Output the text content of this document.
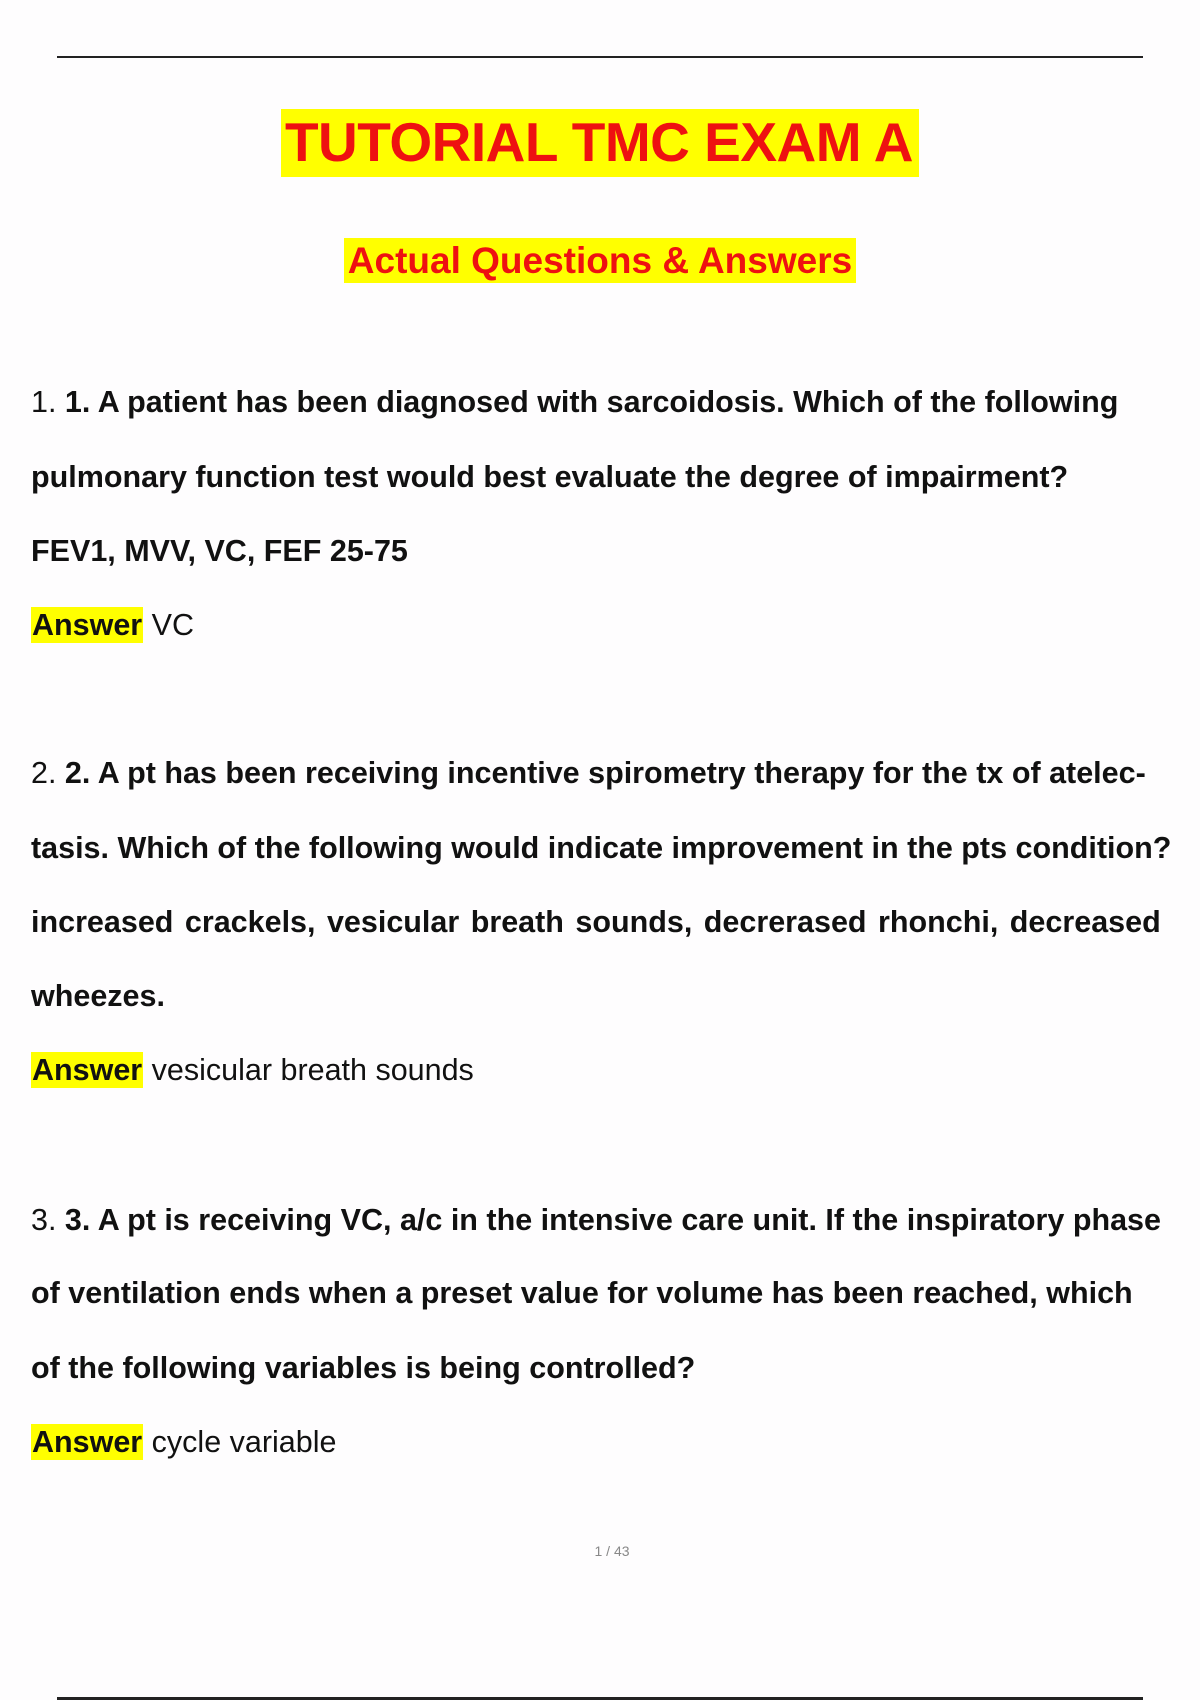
TUTORIAL TMC EXAM A
Actual Questions & Answers
1. 1. A patient has been diagnosed with sarcoidosis. Which of the following
pulmonary function test would best evaluate the degree of impairment?
FEV1, MVV, VC, FEF 25-75
Answer VC
2. 2. A pt has been receiving incentive spirometry therapy for the tx of atelec-
tasis. Which of the following would indicate improvement in the pts condition?
increased crackels, vesicular breath sounds, decrerased rhonchi, decreased
wheezes.
Answer vesicular breath sounds
3. 3. A pt is receiving VC, a/c in the intensive care unit. If the inspiratory phase
of ventilation ends when a preset value for volume has been reached, which
of the following variables is being controlled?
Answer cycle variable
1 / 43
